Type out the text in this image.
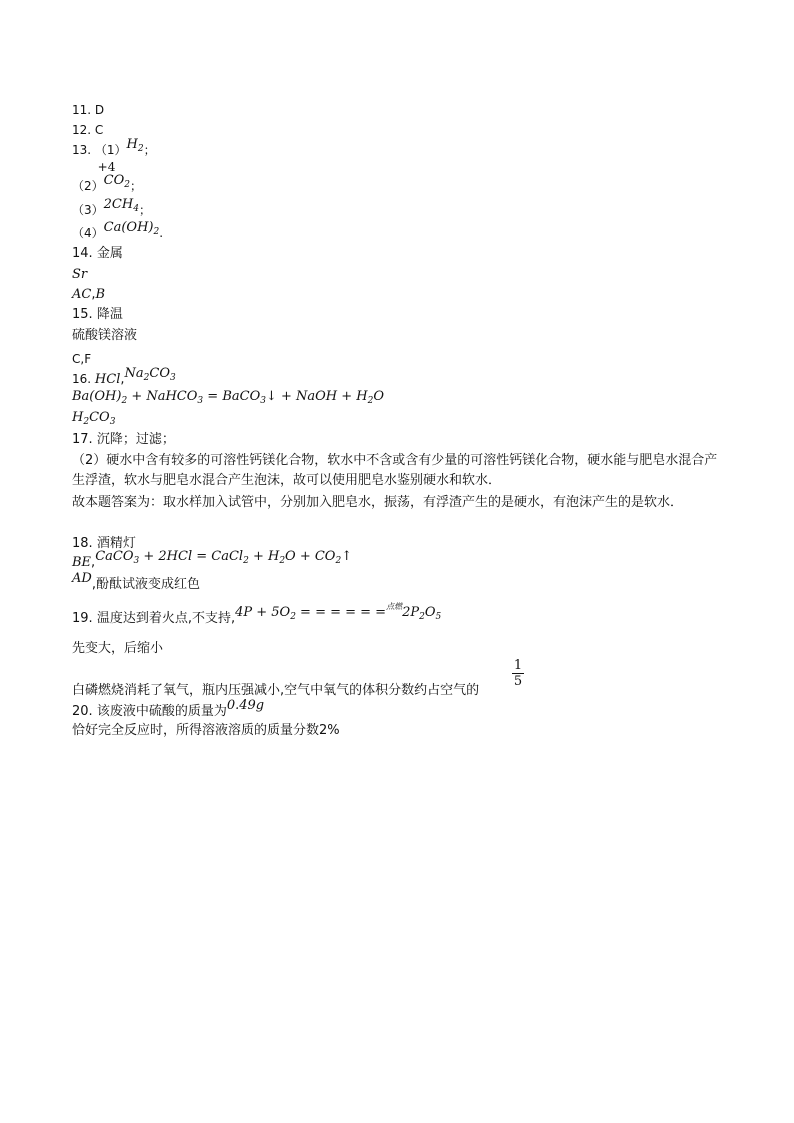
11. D
12. C
13. $(1)H_2$；
（2）
+4
$CO_2$；
$(3)2CH_4$；
$(4)Ca(OH)_2$.
14. 金属
Sr
AC,B
15. 降温
硫酸镁溶液
C,F
16. $HCl,Na_2CO_3$
$Ba(OH)_2$ + NaHCO$_3$ = BaCO$_3$↓ + NaOH + $H_2O$
$H_2CO_3$
17. 沉降；过滤；
（2）硬水中含有较多的可溶性钙镁化合物，软水中不含或含有少量的可溶性钙镁化合物，硬水能与肥皂水混合产生浮渣，软水与肥皂水混合产生泡沫，故可以使用肥皂水鉴别硬水和软水．
故本题答案为：取水样加入试管中，分别加入肥皂水，振荡，有浮渣产生的是硬水，有泡沫产生的是软水．
18. 酒精灯
BE,CaCO$_3$ + 2HCl = CaCl$_2$ + $H_2O$ + $CO_2↑$
AD,酚酞试液变成红色
19. 温度达到着火点,不支持$,4P + 5O_2$ = = = = = $=^{点燃}2P_2O_5$
先变大，后缩小
白磷燃烧消耗了氧气，瓶内压强减小,空气中氧气的体积分数约占空气的
$\frac{1}{5}$
20. 该废液中硫酸的质量为0.49g
恰好完全反应时，所得溶液溶质的质量分数2%
